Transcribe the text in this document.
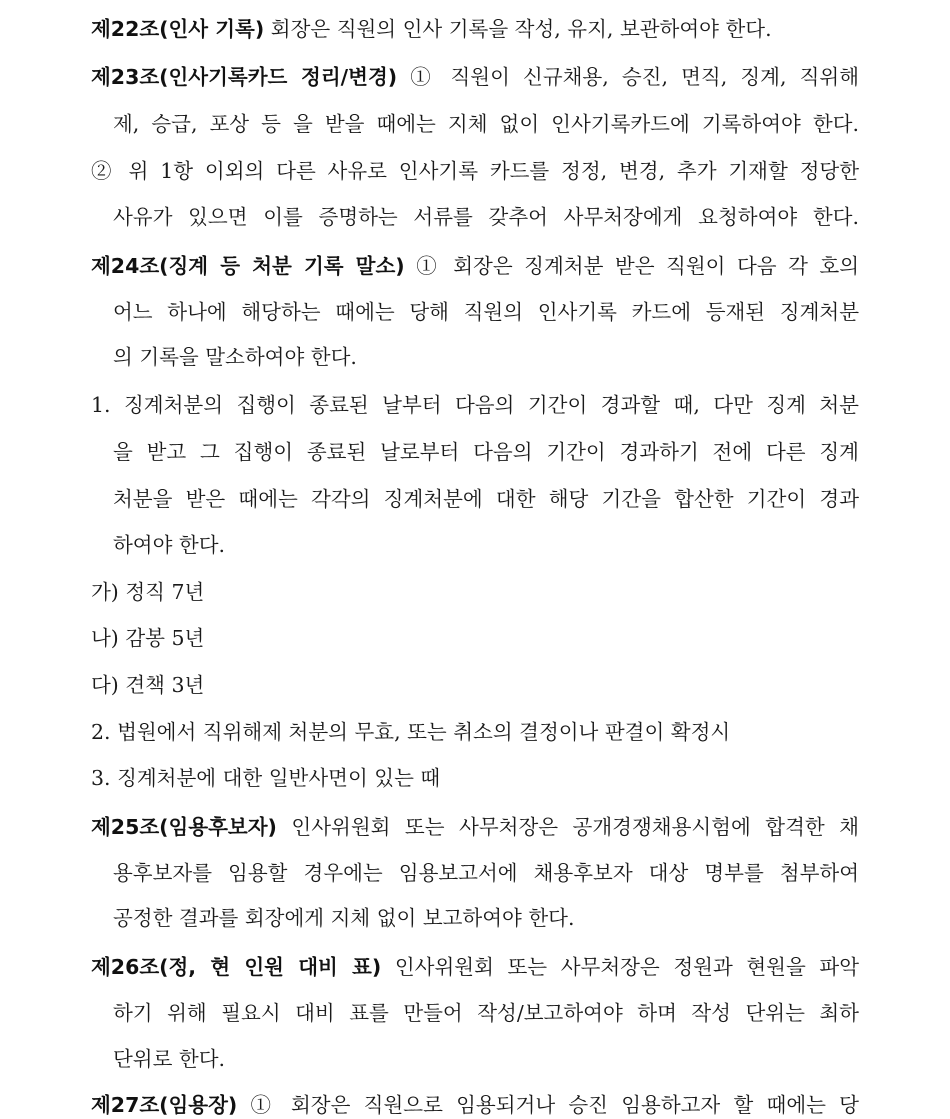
제22조(인사 기록) 회장은 직원의 인사 기록을 작성, 유지, 보관하여야 한다.
제23조(인사기록카드 정리/변경) ① 직원이 신규채용, 승진, 면직, 징계, 직위해
제, 승급, 포상 등 을 받을 때에는 지체 없이 인사기록카드에 기록하여야 한다.
② 위 1항 이외의 다른 사유로 인사기록 카드를 정정, 변경, 추가 기재할 정당한
사유가 있으면 이를 증명하는 서류를 갖추어 사무처장에게 요청하여야 한다.
제24조(징계 등 처분 기록 말소) ① 회장은 징계처분 받은 직원이 다음 각 호의
어느 하나에 해당하는 때에는 당해 직원의 인사기록 카드에 등재된 징계처분
의 기록을 말소하여야 한다.
1. 징계처분의 집행이 종료된 날부터 다음의 기간이 경과할 때, 다만 징계 처분
을 받고 그 집행이 종료된 날로부터 다음의 기간이 경과하기 전에 다른 징계
처분을 받은 때에는 각각의 징계처분에 대한 해당 기간을 합산한 기간이 경과
하여야 한다.
가) 정직 7년
나) 감봉 5년
다) 견책 3년
2. 법원에서 직위해제 처분의 무효, 또는 취소의 결정이나 판결이 확정시
3. 징계처분에 대한 일반사면이 있는 때
제25조(임용후보자) 인사위원회 또는 사무처장은 공개경쟁채용시험에 합격한 채
용후보자를 임용할 경우에는 임용보고서에 채용후보자 대상 명부를 첨부하여
공정한 결과를 회장에게 지체 없이 보고하여야 한다.
제26조(정, 현 인원 대비 표) 인사위원회 또는 사무처장은 정원과 현원을 파악
하기 위해 필요시 대비 표를 만들어 작성/보고하여야 하며 작성 단위는 최하
단위로 한다.
제27조(임용장) ① 회장은 직원으로 임용되거나 승진 임용하고자 할 때에는 당
